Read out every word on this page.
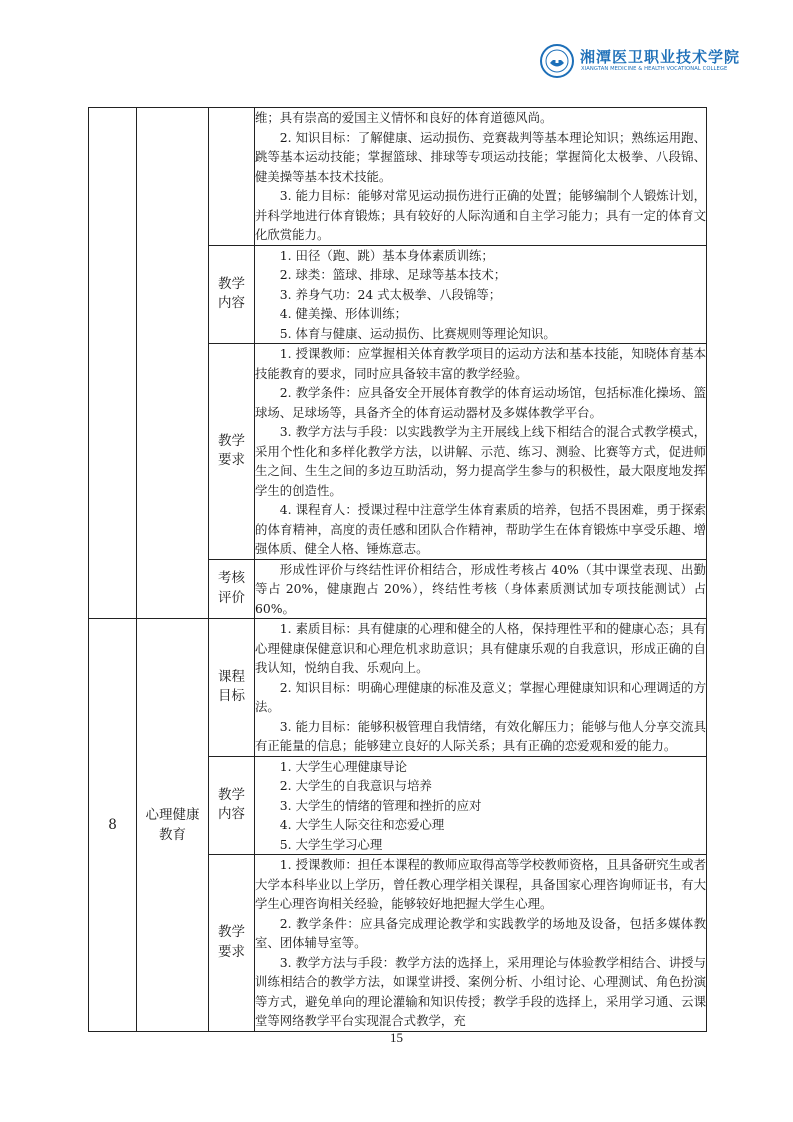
湘潭医卫职业技术学院
XIANGTAN MEDICINE & HEALTH VOCATIONAL COLLEGE

			维；具有崇高的爱国主义情怀和良好的体育道德风尚。
2. 知识目标：了解健康、运动损伤、竞赛裁判等基本理论知识；熟练运用跑、跳等基本运动技能；掌握篮球、排球等专项运动技能；掌握简化太极拳、八段锦、健美操等基本技术技能。
3. 能力目标：能够对常见运动损伤进行正确的处置；能够编制个人锻炼计划，并科学地进行体育锻炼；具有较好的人际沟通和自主学习能力；具有一定的体育文化欣赏能力。

		教学内容	1. 田径（跑、跳）基本身体素质训练；
2. 球类：篮球、排球、足球等基本技术；
3. 养身气功：24 式太极拳、八段锦等；
4. 健美操、形体训练；
5. 体育与健康、运动损伤、比赛规则等理论知识。

		教学要求	1. 授课教师：应掌握相关体育教学项目的运动方法和基本技能，知晓体育基本技能教育的要求，同时应具备较丰富的教学经验。
2. 教学条件：应具备安全开展体育教学的体育运动场馆，包括标准化操场、篮球场、足球场等，具备齐全的体育运动器材及多媒体教学平台。
3. 教学方法与手段：以实践教学为主开展线上线下相结合的混合式教学模式，采用个性化和多样化教学方法，以讲解、示范、练习、测验、比赛等方式，促进师生之间、生生之间的多边互助活动，努力提高学生参与的积极性，最大限度地发挥学生的创造性。
4. 课程育人：授课过程中注意学生体育素质的培养，包括不畏困难，勇于探索的体育精神，高度的责任感和团队合作精神，帮助学生在体育锻炼中享受乐趣、增强体质、健全人格、锤炼意志。

		考核评价	形成性评价与终结性评价相结合，形成性考核占 40%（其中课堂表现、出勤等占 20%，健康跑占 20%），终结性考核（身体素质测试加专项技能测试）占 60%。

8	心理健康教育	课程目标	1. 素质目标：具有健康的心理和健全的人格，保持理性平和的健康心态；具有心理健康保健意识和心理危机求助意识；具有健康乐观的自我意识，形成正确的自我认知，悦纳自我、乐观向上。
2. 知识目标：明确心理健康的标准及意义；掌握心理健康知识和心理调适的方法。
3. 能力目标：能够积极管理自我情绪，有效化解压力；能够与他人分享交流具有正能量的信息；能够建立良好的人际关系；具有正确的恋爱观和爱的能力。

		教学内容	1. 大学生心理健康导论
2. 大学生的自我意识与培养
3. 大学生的情绪的管理和挫折的应对
4. 大学生人际交往和恋爱心理
5. 大学生学习心理

		教学要求	1. 授课教师：担任本课程的教师应取得高等学校教师资格，且具备研究生或者大学本科毕业以上学历，曾任教心理学相关课程，具备国家心理咨询师证书，有大学生心理咨询相关经验，能够较好地把握大学生心理。
2. 教学条件：应具备完成理论教学和实践教学的场地及设备，包括多媒体教室、团体辅导室等。
3. 教学方法与手段：教学方法的选择上，采用理论与体验教学相结合、讲授与训练相结合的教学方法，如课堂讲授、案例分析、小组讨论、心理测试、角色扮演等方式，避免单向的理论灌输和知识传授；教学手段的选择上，采用学习通、云课堂等网络教学平台实现混合式教学，充
15
